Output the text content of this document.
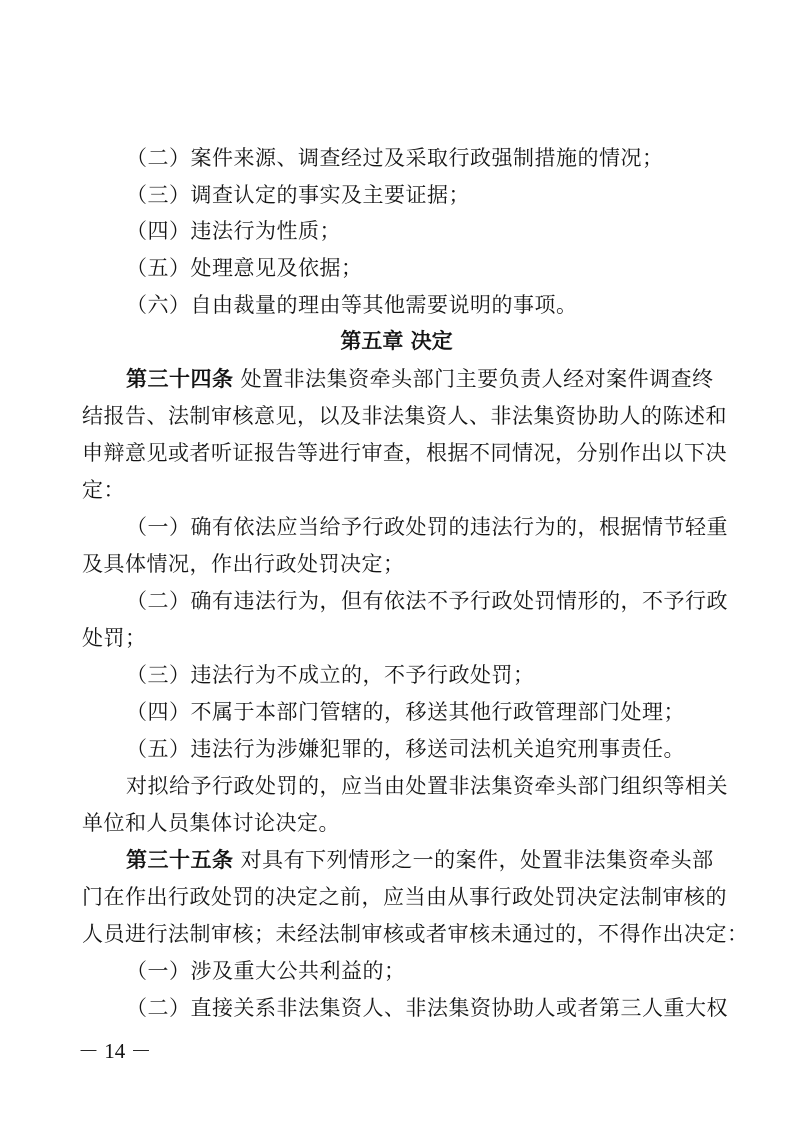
（二）案件来源、调查经过及采取行政强制措施的情况；
（三）调查认定的事实及主要证据；
（四）违法行为性质；
（五）处理意见及依据；
（六）自由裁量的理由等其他需要说明的事项。
第五章 决定
第三十四条 处置非法集资牵头部门主要负责人经对案件调查终
结报告、法制审核意见，以及非法集资人、非法集资协助人的陈述和
申辩意见或者听证报告等进行审查，根据不同情况，分别作出以下决
定：
（一）确有依法应当给予行政处罚的违法行为的，根据情节轻重
及具体情况，作出行政处罚决定；
（二）确有违法行为，但有依法不予行政处罚情形的，不予行政
处罚；
（三）违法行为不成立的，不予行政处罚；
（四）不属于本部门管辖的，移送其他行政管理部门处理；
（五）违法行为涉嫌犯罪的，移送司法机关追究刑事责任。
对拟给予行政处罚的，应当由处置非法集资牵头部门组织等相关
单位和人员集体讨论决定。
第三十五条 对具有下列情形之一的案件，处置非法集资牵头部
门在作出行政处罚的决定之前，应当由从事行政处罚决定法制审核的
人员进行法制审核；未经法制审核或者审核未通过的，不得作出决定：
（一）涉及重大公共利益的；
（二）直接关系非法集资人、非法集资协助人或者第三人重大权
－ 14 －
